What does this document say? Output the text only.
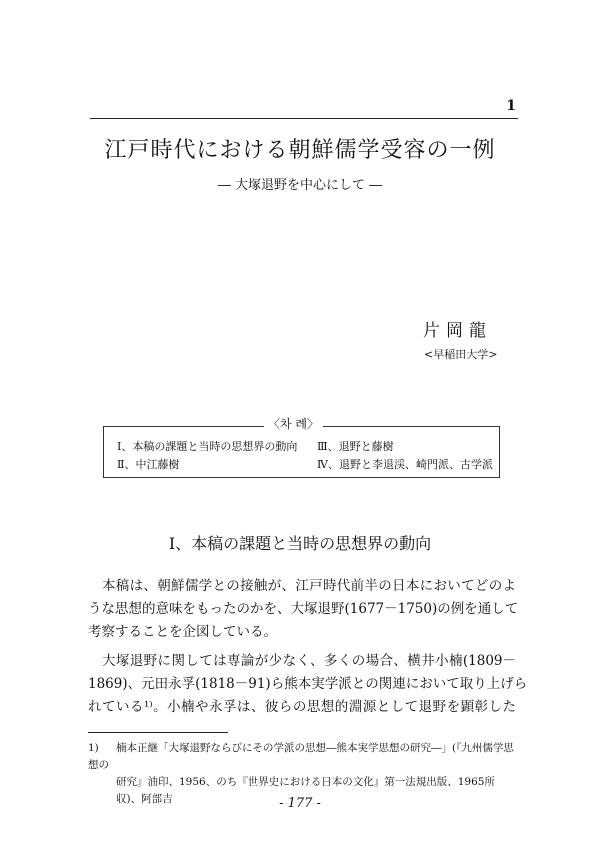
1
江戸時代における朝鮮儒学受容の一例
― 大塚退野を中心にして ―
片岡龍
<早稲田大学>
〈차 례〉
Ⅰ、本稿の課題と当時の思想界の動向
Ⅱ、中江藤樹
Ⅲ、退野と藤樹
Ⅳ、退野と李退渓、崎門派、古学派
Ⅰ、本稿の課題と当時の思想界の動向
本稿は、朝鮮儒学との接触が、江戸時代前半の日本においてどのよ
うな思想的意味をもったのかを、大塚退野(1677－1750)の例を通して
考察することを企図している。
大塚退野に関しては専論が少なく、多くの場合、横井小楠(1809－
1869)、元田永孚(1818－91)ら熊本実学派との関連において取り上げら
れている¹⁾。小楠や永孚は、彼らの思想的淵源として退野を顕彰した
1) 楠本正継「大塚退野ならびにその学派の思想―熊本実学思想の研究―」(『九州儒学思想の
研究』油印、1956、のち『世界史における日本の文化』第一法規出版、1965所収)、阿部吉	- 177 -
